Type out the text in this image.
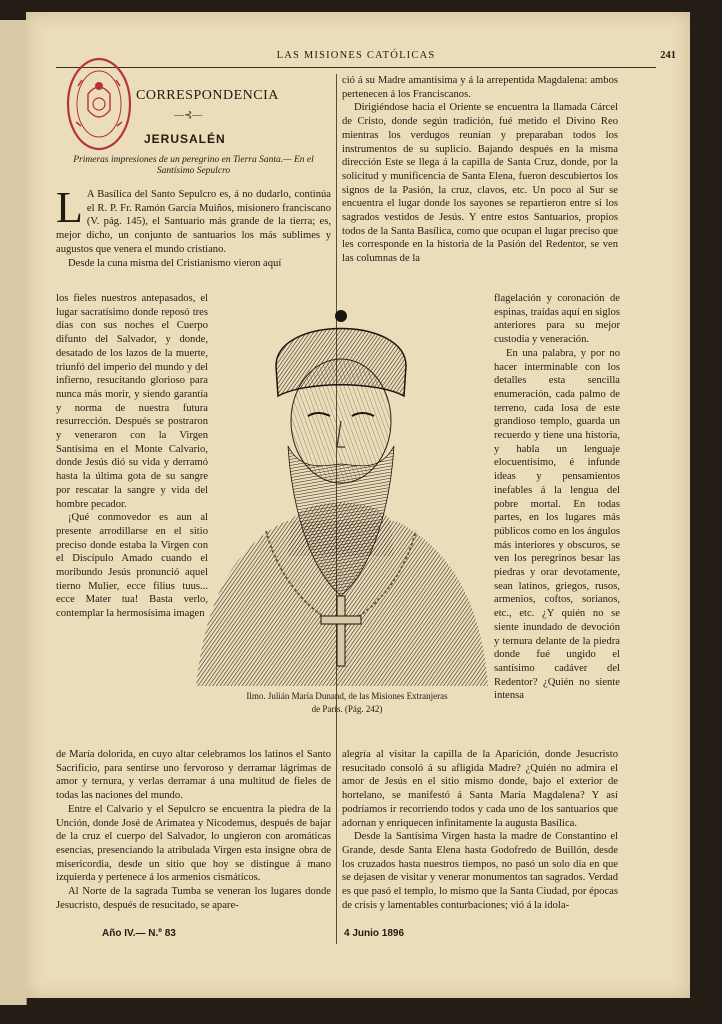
LAS MISIONES CATÓLICAS	241
CORRESPONDENCIA
—⊰—
JERUSALÉN
Primeras impresiones de un peregrino en Tierra Santa.— En el Santísimo Sepulcro

L A Basílica del Santo Sepulcro es, á no dudarlo, continúa el R. P. Fr. Ramón García Muiños, misionero franciscano (V. pág. 145), el Santuario más grande de la tierra; es, mejor dicho, un conjunto de santuarios los más sublimes y augustos que venera el mundo cristiano.

Desde la cuna misma del Cristianismo vieron aquí

los fieles nuestros antepasados, el lugar sacratísimo donde reposó tres días con sus noches el Cuerpo difunto del Salvador, y donde, desatado de los lazos de la muerte, triunfó del imperio del mundo y del infierno, resucitando glorioso para nunca más morir, y siendo garantía y norma de nuestra futura resurrección. Después se postraron y veneraron con la Virgen Santísima en el Monte Calvario, donde Jesús dió su vida y derramó hasta la última gota de su sangre por rescatar la sangre y vida del hombre pecador.

¡Qué conmovedor es aun al presente arrodillarse en el sitio preciso donde estaba la Virgen con el Discípulo Amado cuando el moribundo Jesús pronunció aquel tierno Mulier, ecce filius tuus... ecce Mater tua! Basta verlo, contemplar la hermosísima imagen

de María dolorida, en cuyo altar celebramos los latinos el Santo Sacrificio, para sentirse uno fervoroso y derramar lágrimas de amor y ternura, y verlas derramar á una multitud de fieles de todas las naciones del mundo.

Entre el Calvario y el Sepulcro se encuentra la piedra de la Unción, donde José de Arimatea y Nicodemus, después de bajar de la cruz el cuerpo del Salvador, lo ungieron con aromáticas esencias, presenciando la atribulada Virgen esta insigne obra de misericordia, desde un sitio que hoy se distingue á mano izquierda y pertenece á los armenios cismáticos.

Al Norte de la sagrada Tumba se veneran los lugares donde Jesucristo, después de resucitado, se apare-

ció á su Madre amantísima y á la arrepentida Magdalena: ambos pertenecen á los Franciscanos.

Dirigiéndose hacia el Oriente se encuentra la llamada Cárcel de Cristo, donde según tradición, fué metido el Divino Reo mientras los verdugos reunían y preparaban todos los instrumentos de su suplicio. Bajando después en la misma dirección Este se llega á la capilla de Santa Cruz, donde, por la solicitud y munificencia de Santa Elena, fueron descubiertos los signos de la Pasión, la cruz, clavos, etc. Un poco al Sur se encuentra el lugar donde los sayones se repartieron entre sí los sagrados vestidos de Jesús. Y entre estos Santuarios, propios todos de la Santa Basílica, como que ocupan el lugar preciso que les corresponde en la historia de la Pasión del Redentor, se ven las columnas de la

flagelación y coronación de espinas, traídas aquí en siglos anteriores para su mejor custodia y veneración.

En una palabra, y por no hacer interminable con los detalles esta sencilla enumeración, cada palmo de terreno, cada losa de este grandioso templo, guarda un recuerdo y tiene una historia, y habla un lenguaje elocuentísimo, é infunde ideas y pensamientos inefables á la lengua del pobre mortal. En todas partes, en los lugares más públicos como en los ángulos más interiores y obscuros, se ven los peregrinos besar las piedras y orar devotamente, sean latinos, griegos, rusos, armenios, coftos, sorianos, etc., etc. ¿Y quién no se siente inundado de devoción y ternura delante de la piedra donde fué ungido el santísimo cadáver del Redentor? ¿Quién no siente intensa

alegría al visitar la capilla de la Aparición, donde Jesucristo resucitado consoló á su afligida Madre? ¿Quién no admira el amor de Jesús en el sitio mismo donde, bajo el exterior de hortelano, se manifestó á Santa María Magdalena? Y así podríamos ir recorriendo todos y cada uno de los santuarios que adornan y enriquecen infinitamente la augusta Basílica.

Desde la Santísima Virgen hasta la madre de Constantino el Grande, desde Santa Elena hasta Godofredo de Buillón, desde los cruzados hasta nuestros tiempos, no pasó un solo día en que se dejasen de visitar y venerar monumentos tan sagrados. Verdad es que pasó el templo, lo mismo que la Santa Ciudad, por épocas de crisis y lamentables conturbaciones; vió á la idola-

Ilmo. Julián María Dunand, de las Misiones Extranjeras
de París. (Pág. 242)
Año IV.— N.º 83	4 Junio 1896
